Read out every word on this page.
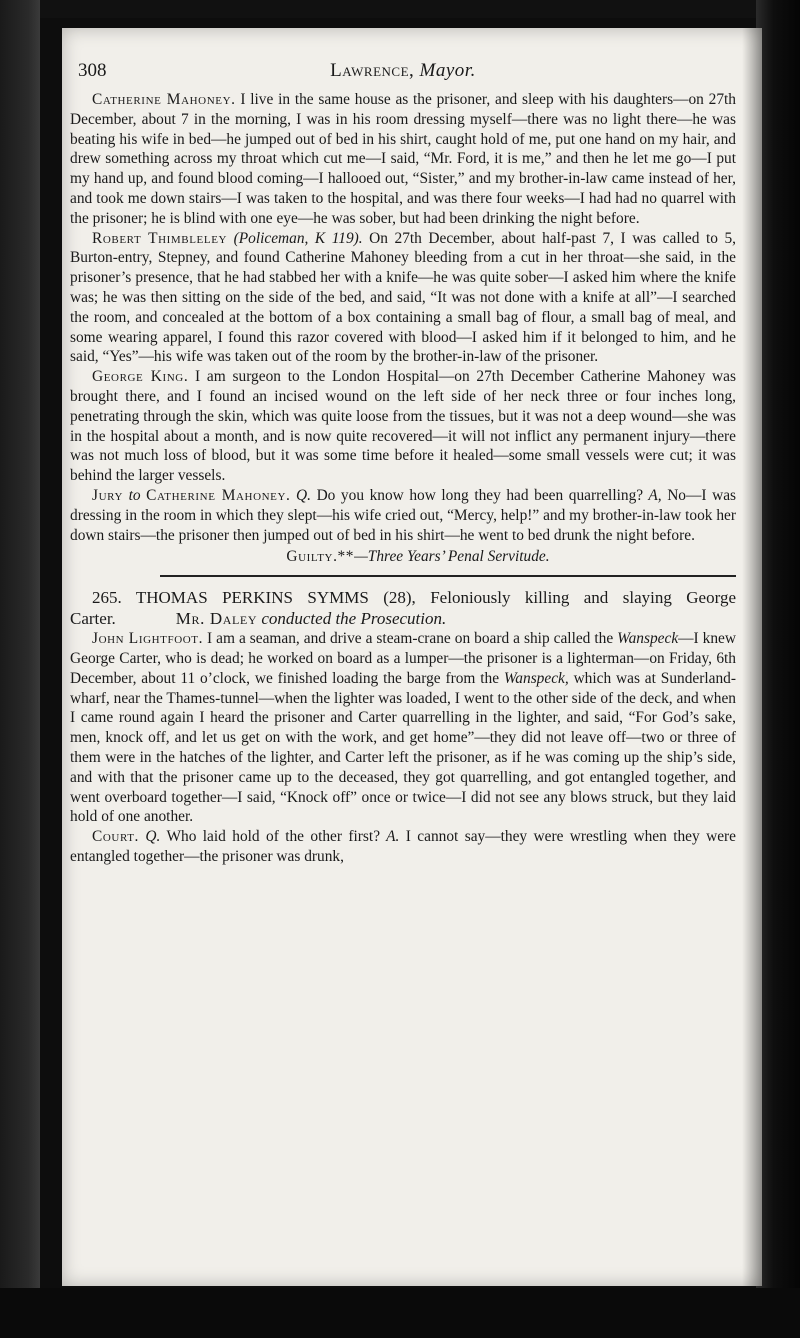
308	Lawrence, Mayor.

Catherine Mahoney. I live in the same house as the prisoner, and sleep with his daughters—on 27th December, about 7 in the morning, I was in his room dressing myself—there was no light there—he was beating his wife in bed—he jumped out of bed in his shirt, caught hold of me, put one hand on my hair, and drew something across my throat which cut me—I said, “Mr. Ford, it is me,” and then he let me go—I put my hand up, and found blood coming—I hallooed out, “Sister,” and my brother-in-law came instead of her, and took me down stairs—I was taken to the hospital, and was there four weeks—I had had no quarrel with the prisoner; he is blind with one eye—he was sober, but had been drinking the night before.

Robert Thimbleley (Policeman, K 119). On 27th December, about half-past 7, I was called to 5, Burton-entry, Stepney, and found Catherine Mahoney bleeding from a cut in her throat—she said, in the prisoner’s presence, that he had stabbed her with a knife—he was quite sober—I asked him where the knife was; he was then sitting on the side of the bed, and said, “It was not done with a knife at all”—I searched the room, and concealed at the bottom of a box containing a small bag of flour, a small bag of meal, and some wearing apparel, I found this razor covered with blood—I asked him if it belonged to him, and he said, “Yes”—his wife was taken out of the room by the brother-in-law of the prisoner.

George King. I am surgeon to the London Hospital—on 27th December Catherine Mahoney was brought there, and I found an incised wound on the left side of her neck three or four inches long, penetrating through the skin, which was quite loose from the tissues, but it was not a deep wound—she was in the hospital about a month, and is now quite recovered—it will not inflict any permanent injury—there was not much loss of blood, but it was some time before it healed—some small vessels were cut; it was behind the larger vessels.

Jury to Catherine Mahoney. Q. Do you know how long they had been quarrelling? A, No—I was dressing in the room in which they slept—his wife cried out, “Mercy, help!” and my brother-in-law took her down stairs—the prisoner then jumped out of bed in his shirt—he went to bed drunk the night before.

Guilty.**—Three Years’ Penal Servitude.

265. THOMAS PERKINS SYMMS (28), Feloniously killing and slaying George Carter.	Mr. Daley conducted the Prosecution.

John Lightfoot. I am a seaman, and drive a steam-crane on board a ship called the Wanspeck—I knew George Carter, who is dead; he worked on board as a lumper—the prisoner is a lighterman—on Friday, 6th December, about 11 o’clock, we finished loading the barge from the Wanspeck, which was at Sunderland-wharf, near the Thames-tunnel—when the lighter was loaded, I went to the other side of the deck, and when I came round again I heard the prisoner and Carter quarrelling in the lighter, and said, “For God’s sake, men, knock off, and let us get on with the work, and get home”—they did not leave off—two or three of them were in the hatches of the lighter, and Carter left the prisoner, as if he was coming up the ship’s side, and with that the prisoner came up to the deceased, they got quarrelling, and got entangled together, and went overboard together—I said, “Knock off” once or twice—I did not see any blows struck, but they laid hold of one another.

Court. Q. Who laid hold of the other first? A. I cannot say—they were wrestling when they were entangled together—the prisoner was drunk,
